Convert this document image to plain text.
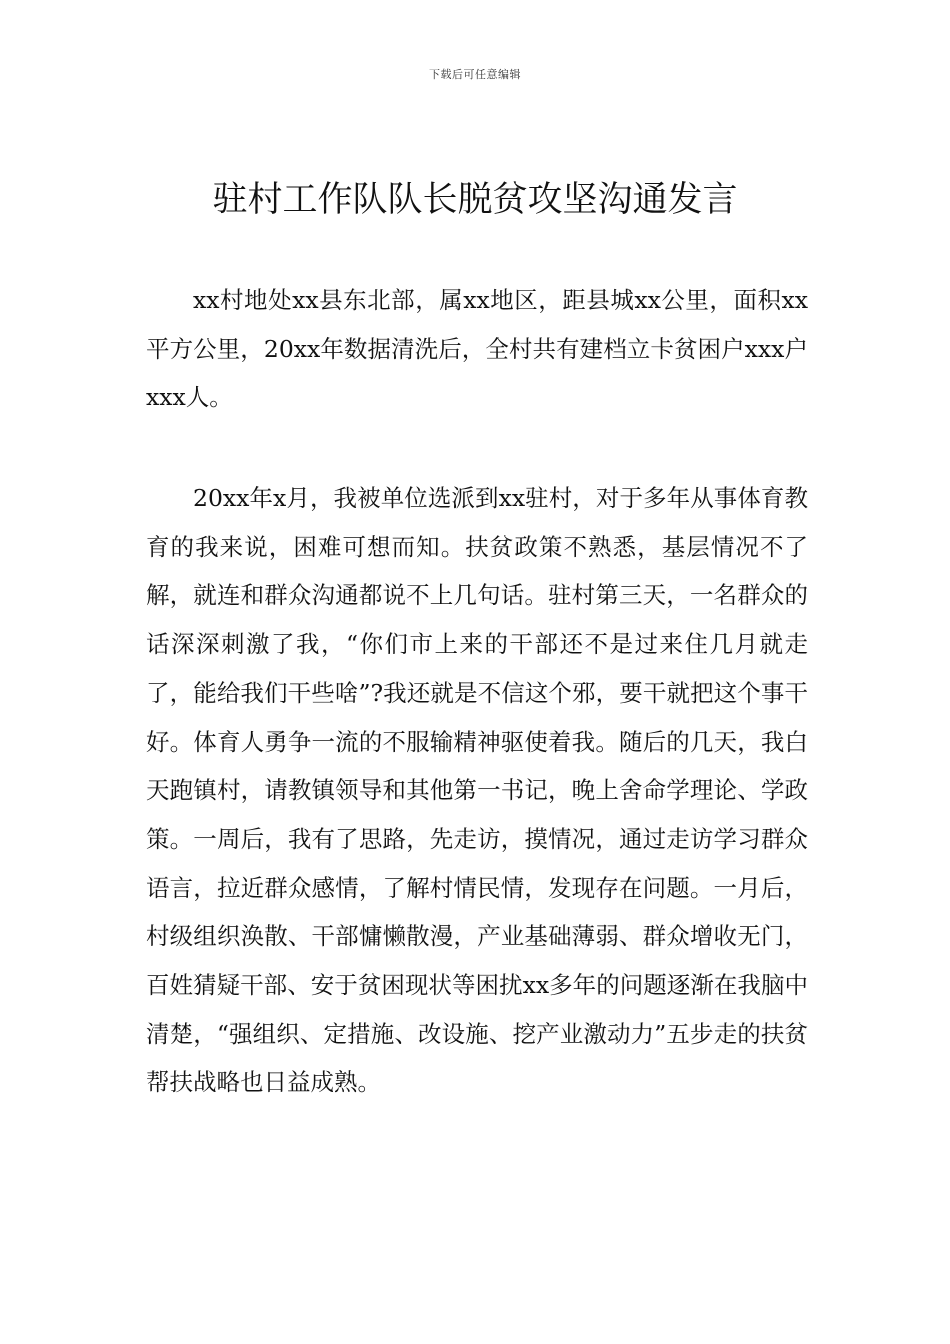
下载后可任意编辑
驻村工作队队长脱贫攻坚沟通发言

xx村地处xx县东北部，属xx地区，距县城xx公里，面积xx平方公里，20xx年数据清洗后，全村共有建档立卡贫困户xxx户xxx人。

20xx年x月，我被单位选派到xx驻村，对于多年从事体育教育的我来说，困难可想而知。扶贫政策不熟悉，基层情况不了解，就连和群众沟通都说不上几句话。驻村第三天，一名群众的话深深刺激了我，“你们市上来的干部还不是过来住几月就走了，能给我们干些啥”?我还就是不信这个邪，要干就把这个事干好。体育人勇争一流的不服输精神驱使着我。随后的几天，我白天跑镇村，请教镇领导和其他第一书记，晚上舍命学理论、学政策。一周后，我有了思路，先走访，摸情况，通过走访学习群众语言，拉近群众感情，了解村情民情，发现存在问题。一月后，村级组织涣散、干部慵懒散漫，产业基础薄弱、群众增收无门，百姓猜疑干部、安于贫困现状等困扰xx多年的问题逐渐在我脑中清楚，“强组织、定措施、改设施、挖产业激动力”五步走的扶贫帮扶战略也日益成熟。
